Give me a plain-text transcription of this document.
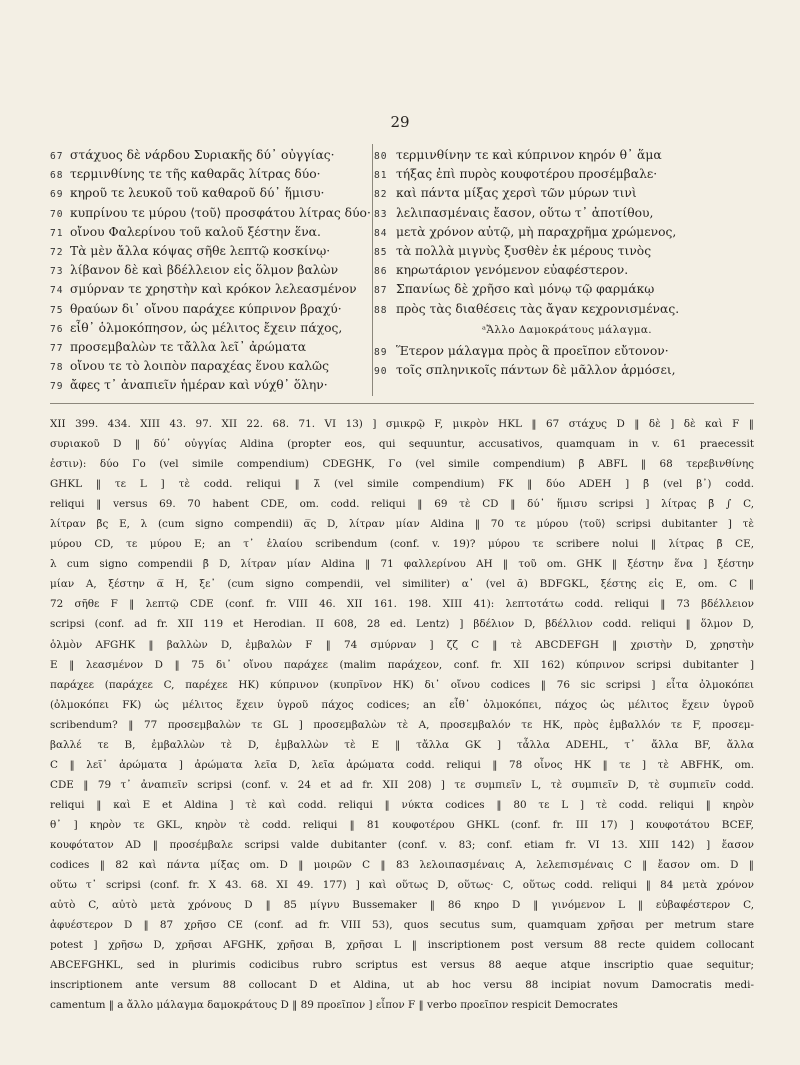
29
67 στάχυος δὲ νάρδου Συριακῆς δύ᾽ οὐγγίας·
68 τερμινθίνης τε τῆς καθαρᾶς λίτρας δύο·
69 κηροῦ τε λευκοῦ τοῦ καθαροῦ δύ᾽ ἥμισυ·
70 κυπρίνου τε μύρου ⟨τοῦ⟩ προσφάτου λίτρας δύο·
71 οἴνου Φαλερίνου τοῦ καλοῦ ξέστην ἕνα.
72 Τὰ μὲν ἄλλα κόψας σῆθε λεπτῷ κοσκίνῳ·
73 λίβανον δὲ καὶ βδέλλειον εἰς ὅλμον βαλὼν
74 σμύρναν τε χρηστὴν καὶ κρόκον λελεασμένον
75 θραύων δι᾽ οἴνου παράχεε κύπρινον βραχύ·
76 εἶθ᾽ ὁλμοκόπησον, ὡς μέλιτος ἔχειν πάχος,
77 προσεμβαλὼν τε τἄλλα λεῖ᾽ ἀρώματα
78 οἴνου τε τὸ λοιπὸν παραχέας ἕνου καλῶς
79 ἄφες τ᾽ ἀναπιεῖν ἡμέραν καὶ νύχθ᾽ ὅλην·
80 τερμινθίνην τε καὶ κύπρινον κηρόν θ᾽ ἅμα
81 τήξας ἐπὶ πυρὸς κουφοτέρου προσέμβαλε·
82 καὶ πάντα μίξας χερσὶ τῶν μύρων τινὶ
83 λελιπασμέναις ἔασον, οὕτω τ᾽ ἀποτίθου,
84 μετὰ χρόνον αὐτῷ, μὴ παραχρῆμα χρώμενος,
85 τὰ πολλὰ μιγνὺς ξυσθὲν ἐκ μέρους τινὸς
86 κηρωτάριον γενόμενον εὐαφέστερον.
87 Σπανίως δὲ χρῆσο καὶ μόνῳ τῷ φαρμάκῳ
88 πρὸς τὰς διαθέσεις τὰς ἄγαν κεχρονισμένας.
ᵃἌλλο Δαμοκράτους μάλαγμα.
89 Ἕτερον μάλαγμα πρὸς ἃ προεῖπον εὔτονον·
90 τοῖς σπληνικοῖς πάντων δὲ μᾶλλον ἁρμόσει,
XII 399. 434. XIII 43. 97. XII 22. 68. 71. VI 13) ] σμικρῷ F, μικρὸν HKL ‖ 67 στάχυς D ‖ δὲ ] δὲ καὶ F ‖
συριακοῦ D ‖ δύ᾽ οὐγγίας Aldina (propter eos, qui sequuntur, accusativos, quamquam in v. 61 praecessit
ἐστιν): δύο Γο (vel simile compendium) CDEGHK, Γο (vel simile compendium) β̄ ABFL ‖ 68 τερεβινθίνης
GHKL ‖ τε L ] τὲ codd. reliqui ‖ λ̄ (vel simile compendium) FK ‖ δύο ADEH ] β̄ (vel β᾽) codd.
reliqui ‖ versus 69. 70 habent CDE, om. codd. reliqui ‖ 69 τὲ CD ‖ δύ᾽ ἥμισυ scripsi ] λίτρας β̄ ∫ C,
λίτραν β̄ς E, λ (cum signo compendii) α̅ς D, λίτραν μίαν Aldina ‖ 70 τε μύρου ⟨τοῦ⟩ scripsi dubitanter ] τὲ
μύρου CD, τε μύρου E; an τ᾽ ἐλαίου scribendum (conf. v. 19)? μύρου τε scribere nolui ‖ λίτρας β̄ CE,
λ cum signo compendii β̄ D, λίτραν μίαν Aldina ‖ 71 φαλλερίνου AH ‖ τοῦ om. GHK ‖ ξέστην ἕνα ] ξέστην
μίαν A, ξέστην α̅ H, ξε᾽ (cum signo compendii, vel similiter) α᾽ (vel ᾱ) BDFGKL, ξέστης εἰς E, om. C ‖
72 σῆθε F ‖ λεπτῷ CDE (conf. fr. VIII 46. XII 161. 198. XIII 41): λεπτοτάτω codd. reliqui ‖ 73 βδέλλειον
scripsi (conf. ad fr. XII 119 et Herodian. II 608, 28 ed. Lentz) ] βδέλιον D, βδέλλιον codd. reliqui ‖ ὅλμον D,
ὁλμὸν AFGHK ‖ βαλλὼν D, ἐμβαλὼν F ‖ 74 σμύρναν ] ζζ C ‖ τὲ ABCDEFGH ‖ χριστὴν D, χρηστὴν
E ‖ λεασμένον D ‖ 75 δι᾽ οἴνου παράχεε (malim παράχεον, conf. fr. XII 162) κύπρινον scripsi dubitanter ]
παράχεε (παράχεε C, παρέχεε HK) κύπρινον (κυπρῖνον HK) δι᾽ οἴνου codices ‖ 76 sic scripsi ] εἶτα ὀλμοκόπει
(ὀλμοκόπει FK) ὡς μέλιτος ἔχειν ὑγροῦ πάχος codices; an εἶθ᾽ ὀλμοκόπει, πάχος ὡς μέλιτος ἔχειν ὑγροῦ
scribendum? ‖ 77 προσεμβαλὼν τε GL ] προσεμβαλὼν τὲ A, προσεμβαλόν τε HK, πρὸς ἐμβαλλόν τε F, προσεμ-
βαλλέ τε B, ἐμβαλλὼν τὲ D, ἐμβαλλὼν τὲ E ‖ τἄλλα GK ] τἆλλα ADEHL, τ᾽ ἄλλα BF, ἄλλα
C ‖ λεῖ᾽ ἀρώματα ] ἀρώματα λεῖα D, λεῖα ἀρώματα codd. reliqui ‖ 78 οἶνος HK ‖ τε ] τὲ ABFHK, om.
CDE ‖ 79 τ᾽ ἀναπιεῖν scripsi (conf. v. 24 et ad fr. XII 208) ] τε συμπιεῖν L, τὲ συμπιεῖν D, τὲ συμπιεῖν codd.
reliqui ‖ καὶ E et Aldina ] τὲ καὶ codd. reliqui ‖ νύκτα codices ‖ 80 τε L ] τὲ codd. reliqui ‖ κηρὸν
θ᾽ ] κηρὸν τε GKL, κηρὸν τὲ codd. reliqui ‖ 81 κουφοτέρου GHKL (conf. fr. III 17) ] κουφοτάτου BCEF,
κουφότατον AD ‖ προσέμβαλε scripsi valde dubitanter (conf. v. 83; conf. etiam fr. VI 13. XIII 142) ] ἔασον
codices ‖ 82 καὶ πάντα μίξας om. D ‖ μοιρῶν C ‖ 83 λελοιπασμέναις A, λελεπισμέναις C ‖ ἔασον om. D ‖
οὕτω τ᾽ scripsi (conf. fr. X 43. 68. XI 49. 177) ] καὶ οὕτως D, οὕτως· C, οὕτως codd. reliqui ‖ 84 μετὰ χρόνον
αὐτὸ C, αὐτὸ μετὰ χρόνους D ‖ 85 μίγνυ Bussemaker ‖ 86 κηρο D ‖ γινόμενον L ‖ εὐβαφέστερον C,
ἀφυέστερον D ‖ 87 χρῆσο CE (conf. ad fr. VIII 53), quos secutus sum, quamquam χρῆσαι per metrum stare
potest ] χρῆσω D, χρῆσαι AFGHK, χρῆσαι B, χρῆσαι L ‖ inscriptionem post versum 88 recte quidem collocant
ABCEFGHKL, sed in plurimis codicibus rubro scriptus est versus 88 aeque atque inscriptio quae sequitur;
inscriptionem ante versum 88 collocant D et Aldina, ut ab hoc versu 88 incipiat novum Damocratis medi-
camentum ‖ a ἄλλο μάλαγμα δαμοκράτους D ‖ 89 προεῖπον ] εἶπον F ‖ verbo προεῖπον respicit Democrates
